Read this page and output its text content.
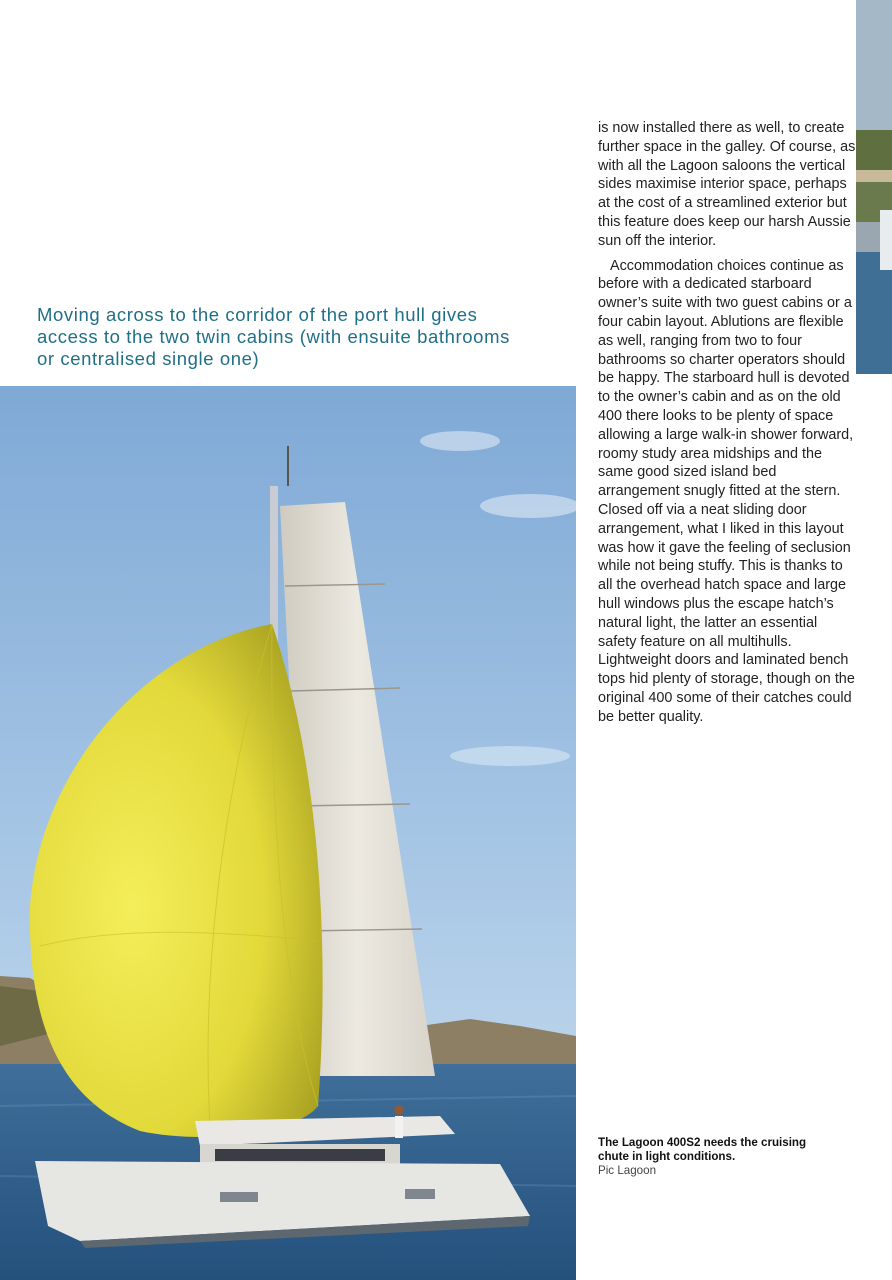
Moving across to the corridor of the port hull gives access to the two twin cabins (with ensuite bathrooms or centralised single one)

is now installed there as well, to create further space in the galley. Of course, as with all the Lagoon saloons the vertical sides maximise interior space, perhaps at the cost of a streamlined exterior but this feature does keep our harsh Aussie sun off the interior.

Accommodation choices continue as before with a dedicated starboard owner’s suite with two guest cabins or a four cabin layout. Ablutions are flexible as well, ranging from two to four bathrooms so charter operators should be happy. The starboard hull is devoted to the owner’s cabin and as on the old 400 there looks to be plenty of space allowing a large walk-in shower forward, roomy study area midships and the same good sized island bed arrangement snugly fitted at the stern. Closed off via a neat sliding door arrangement, what I liked in this layout was how it gave the feeling of seclusion while not being stuffy. This is thanks to all the overhead hatch space and large hull windows plus the escape hatch’s natural light, the latter an essential safety feature on all multihulls. Lightweight doors and laminated bench tops hid plenty of storage, though on the original 400 some of their catches could be better quality.

The Lagoon 400S2 needs the cruising chute in light conditions.
Pic Lagoon
